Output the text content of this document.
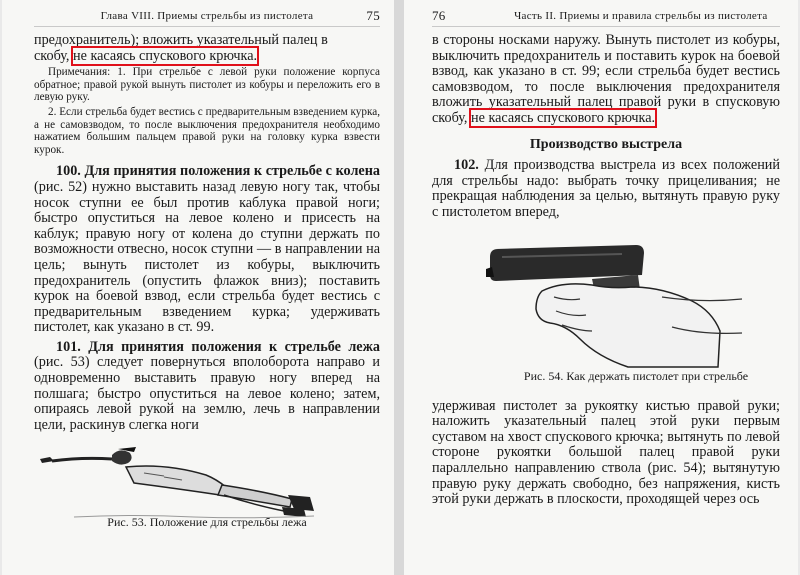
Глава VIII. Приемы стрельбы из пистолета	75

предохранитель); вложить указательный палец в

скобу, не касаясь спускового крючка.

Примечания: 1. При стрельбе с левой руки положение корпуса обратное; правой рукой вынуть пистолет из кобуры и переложить его в левую руку.

2. Если стрельба будет вестись с предварительным взведением курка, а не самовзводом, то после выключения предохранителя необходимо нажатием большим пальцем правой руки на головку курка взвести курок.

100. Для принятия положения к стрельбе с колена (рис. 52) нужно выставить назад левую ногу так, чтобы носок ступни ее был против каблука правой ноги; быстро опуститься на левое колено и присесть на каблук; правую ногу от колена до ступни держать по возможности отвесно, носок ступни — в направлении на цель; вынуть пистолет из кобуры, выключить предохранитель (опустить флажок вниз); поставить курок на боевой взвод, если стрельба будет вестись с предварительным взведением курка; удерживать пистолет, как указано в ст. 99.

101. Для принятия положения к стрельбе лежа (рис. 53) следует повернуться вполоборота направо и одновременно выставить правую ногу вперед на полшага; быстро опуститься на левое колено; затем, опираясь левой рукой на землю, лечь в направлении цели, раскинув слегка ноги

Рис. 53. Положение для стрельбы лежа

76	Часть II. Приемы и правила стрельбы из пистолета

в стороны носками наружу. Вынуть пистолет из кобуры, выключить предохранитель и поставить курок на боевой взвод, как указано в ст. 99; если стрельба будет вестись самовзводом, то после выключения предохранителя вложить указательный палец правой руки в спусковую скобу, не касаясь спускового крючка.

Производство выстрела

102. Для производства выстрела из всех положений для стрельбы надо: выбрать точку прицеливания; не прекращая наблюдения за целью, вытянуть правую руку с пистолетом вперед,

Рис. 54. Как держать пистолет при стрельбе

удерживая пистолет за рукоятку кистью правой руки; наложить указательный палец этой руки первым суставом на хвост спускового крючка; вытянуть по левой стороне рукоятки большой палец правой руки параллельно направлению ствола (рис. 54); вытянутую правую руку держать свободно, без напряжения, кисть этой руки держать в плоскости, проходящей через ось
